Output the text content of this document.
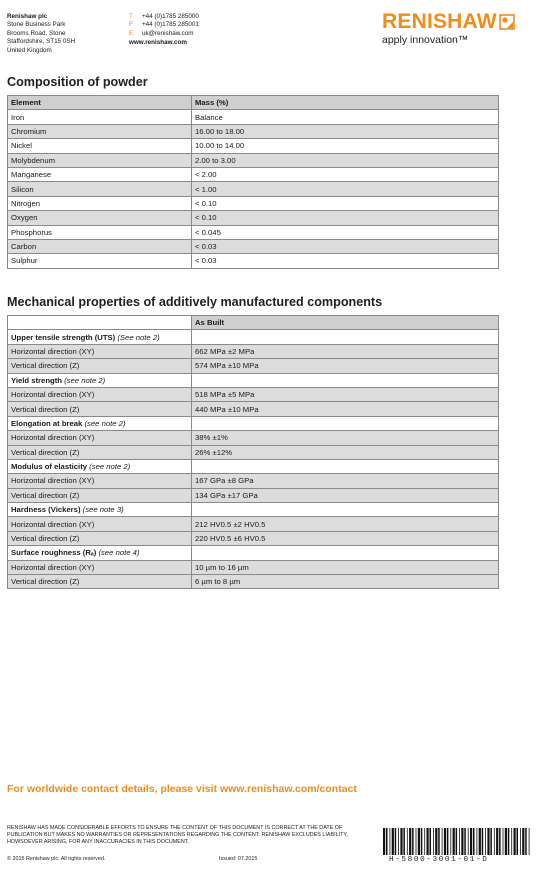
Renishaw plc
Stone Business Park
Brooms Road, Stone
Staffordshire, ST15 0SH
United Kingdom
T	+44 (0)1785 285000
F	+44 (0)1785 285001
E	uk@renishaw.com
www.renishaw.com
RENISHAW
apply innovation™
Composition of powder
Element	Mass (%)
Iron	Balance
Chromium	16.00 to 18.00
Nickel	10.00 to 14.00
Molybdenum	2.00 to 3.00
Manganese	< 2.00
Silicon	< 1.00
Nitrogen	< 0.10
Oxygen	< 0.10
Phosphorus	< 0.045
Carbon	< 0.03
Sulphur	< 0.03
Mechanical properties of additively manufactured components
	As Built
Upper tensile strength (UTS) (See note 2)	
Horizontal direction (XY)	662 MPa ±2 MPa
Vertical direction (Z)	574 MPa ±10 MPa
Yield strength (see note 2)	
Horizontal direction (XY)	518 MPa ±5 MPa
Vertical direction (Z)	440 MPa ±10 MPa
Elongation at break (see note 2)	
Horizontal direction (XY)	38% ±1%
Vertical direction (Z)	26% ±12%
Modulus of elasticity (see note 2)	
Horizontal direction (XY)	167 GPa ±8 GPa
Vertical direction (Z)	134 GPa ±17 GPa
Hardness (Vickers) (see note 3)	
Horizontal direction (XY)	212 HV0.5 ±2 HV0.5
Vertical direction (Z)	220 HV0.5 ±6 HV0.5
Surface roughness (Rₐ) (see note 4)	
Horizontal direction (XY)	10 µm to 16 µm
Vertical direction (Z)	6 µm to 8 µm
For worldwide contact details, please visit www.renishaw.com/contact
RENISHAW HAS MADE CONSIDERABLE EFFORTS TO ENSURE THE CONTENT OF THIS DOCUMENT IS CORRECT AT THE DATE OF PUBLICATION BUT MAKES NO WARRANTIES OR REPRESENTATIONS REGARDING THE CONTENT. RENISHAW EXCLUDES LIABILITY, HOWSOEVER ARISING, FOR ANY INACCURACIES IN THIS DOCUMENT.
© 2015 Renishaw plc. All rights reserved.	Issued: 07.2015	H-5800-3001-01-D
